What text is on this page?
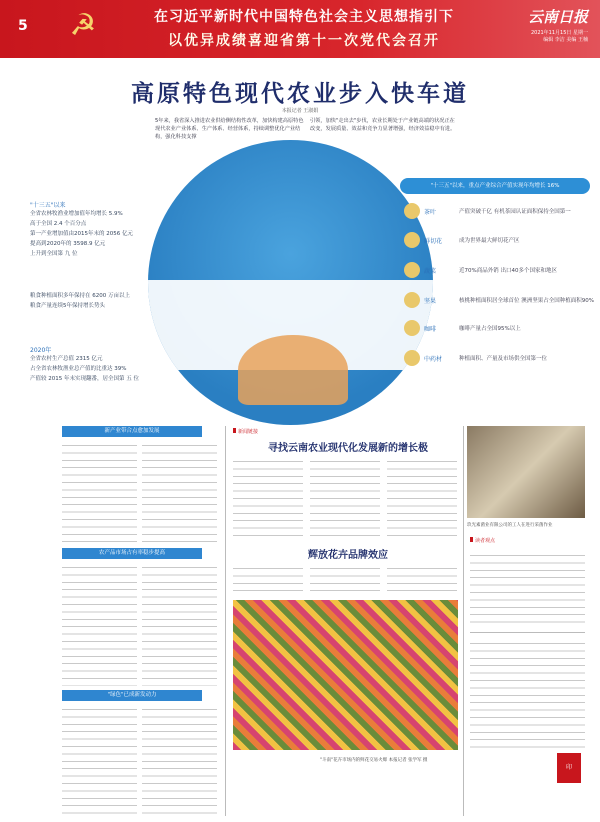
5 ☭	在习近平新时代中国特色社会主义思想指引下
以优异成绩喜迎省第十一次党代会召开
云南日报
2021年11月15日 星期一
编辑 李洁 美编 王楠
高原特色现代农业步入快车道
本报记者 王淑娟
5年来，我省深入推进农业供给侧结构性改革，加快构建高原特色现代农业产业体系、生产体系、经营体系，持续调整优化产业结构，强化科技支撑
引领，加快"走出去"步伐，农业长期处于产业链高端的状况正在改变，发展质量、效益和竞争力显著增强，经济效益稳中有进。
"十三五"以来
全省农林牧渔业增加值年均增长 5.9%
高于全国 2.4 个百分点
第一产业增加值由2015年末的 2056 亿元
提高到2020年的 3598.9 亿元
上升到全国第 九 位
粮食种植面积多年保持在 6200 万亩以上
粮食产量连续5年保持增长势头
2020年
全省农村生产总值 2315 亿元
占全省农林牧渔业总产值的比重达 39%
产值较 2015 年末实现翻番，居全国第 五 位
"十三五"以来，重点产业综合产值实现年均增长 16%
茶叶	产值突破千亿 有机茶园认证面积保持全国第一
鲜切花	成为世界最大鲜切花产区
蔬菜	近70%商品外销 出口40多个国家和地区
坚果	核桃种植面积居全球首位 澳洲坚果占全国种植面积90%
咖啡	咖啡产量占全国95%以上
中药材	种植面积、产量及市场供全国第一位
新产业带合点愈加发展
农产品市场占有率稳步提高
"绿色"已成新发动力
新闻链接
寻找云南农业现代化发展新的增长极
辉放花卉品牌效应
"斗南"花卉市场内的鲜花交易火爆 本报记者 张学军 摄
玖光素菌业有限公司的工人在进行采菌作业
读者观点
印
